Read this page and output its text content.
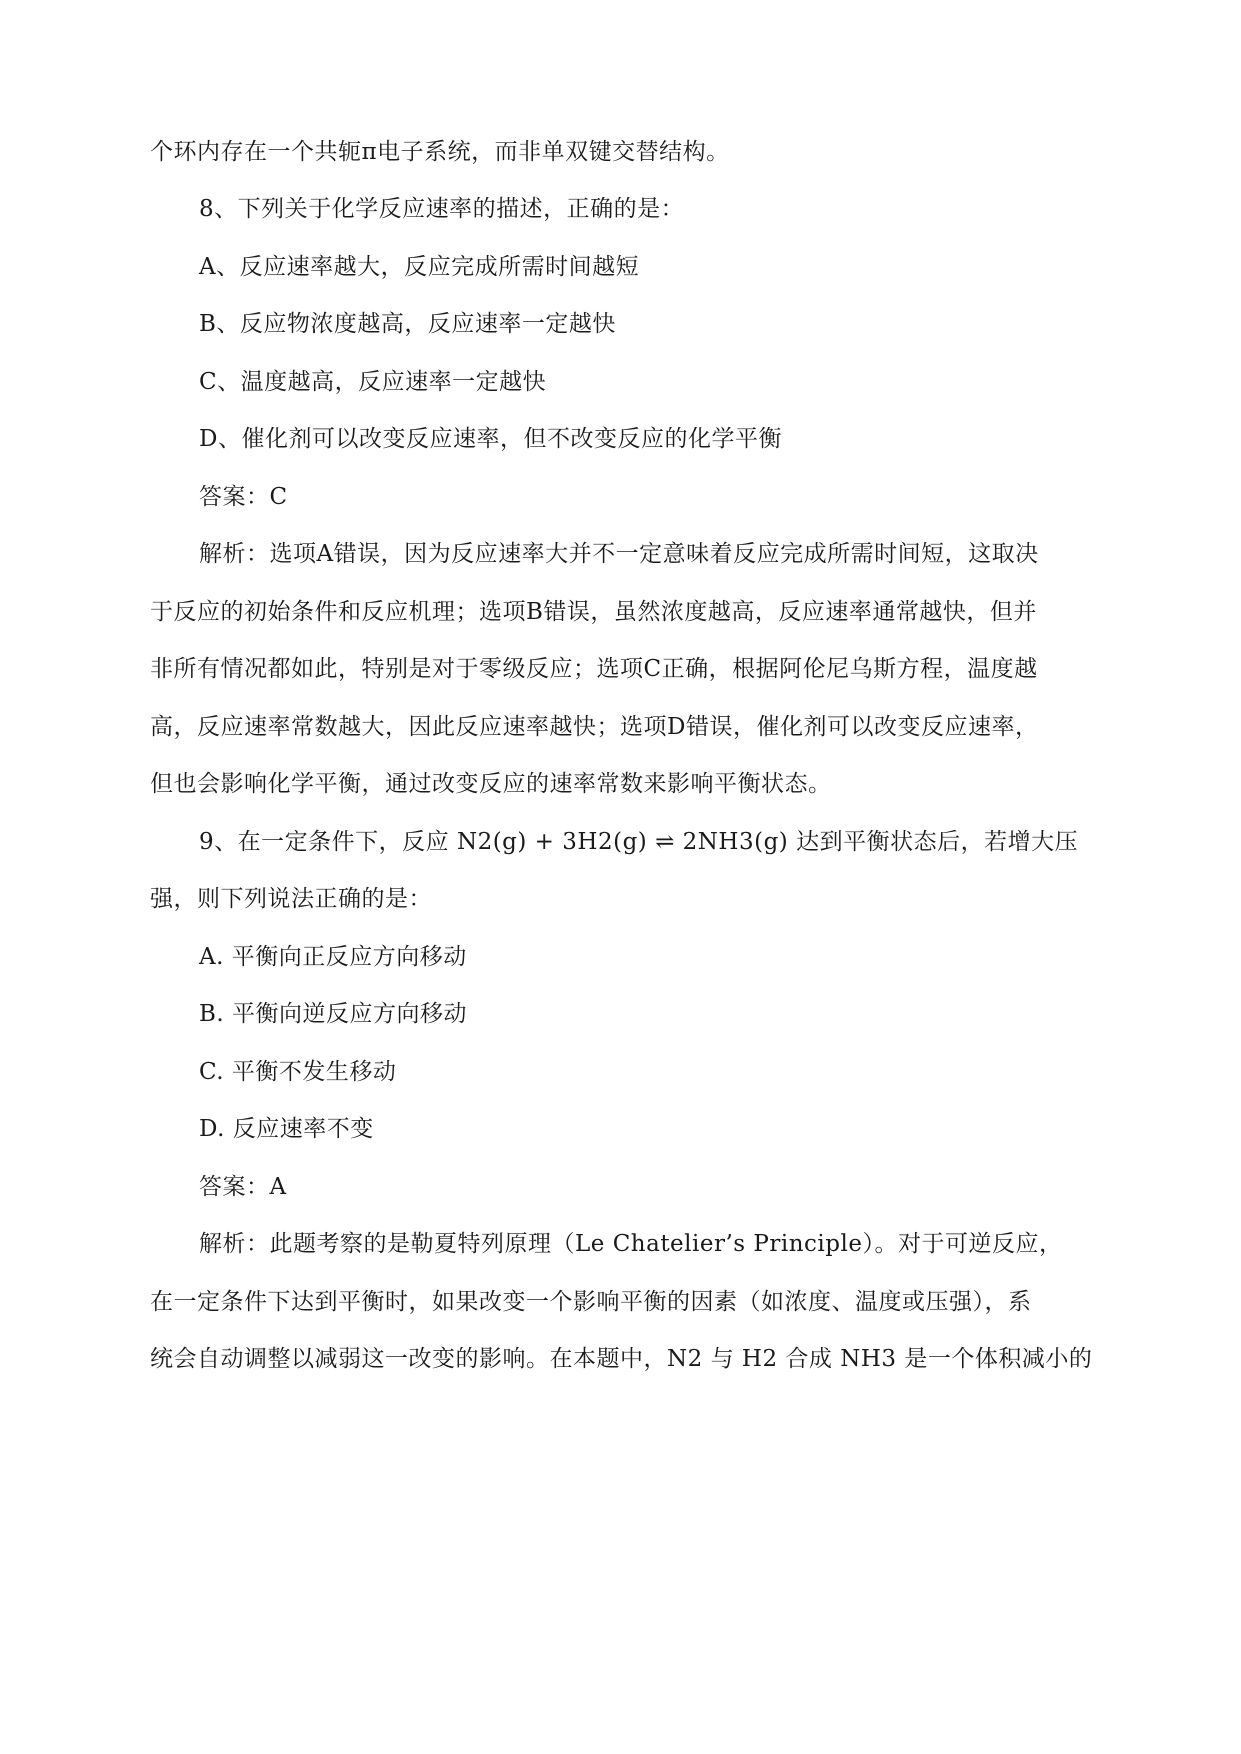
个环内存在一个共轭π电子系统，而非单双键交替结构。
8、下列关于化学反应速率的描述，正确的是：
A、反应速率越大，反应完成所需时间越短
B、反应物浓度越高，反应速率一定越快
C、温度越高，反应速率一定越快
D、催化剂可以改变反应速率，但不改变反应的化学平衡
答案：C
解析：选项A错误，因为反应速率大并不一定意味着反应完成所需时间短，这取决
于反应的初始条件和反应机理；选项B错误，虽然浓度越高，反应速率通常越快，但并
非所有情况都如此，特别是对于零级反应；选项C正确，根据阿伦尼乌斯方程，温度越
高，反应速率常数越大，因此反应速率越快；选项D错误，催化剂可以改变反应速率，
但也会影响化学平衡，通过改变反应的速率常数来影响平衡状态。
9、在一定条件下，反应 N2(g) + 3H2(g) ⇌ 2NH3(g) 达到平衡状态后，若增大压
强，则下列说法正确的是：
A. 平衡向正反应方向移动
B. 平衡向逆反应方向移动
C. 平衡不发生移动
D. 反应速率不变
答案：A
解析：此题考察的是勒夏特列原理（Le Chatelier’s Principle）。对于可逆反应，
在一定条件下达到平衡时，如果改变一个影响平衡的因素（如浓度、温度或压强），系
统会自动调整以减弱这一改变的影响。在本题中，N2 与 H2 合成 NH3 是一个体积减小的
